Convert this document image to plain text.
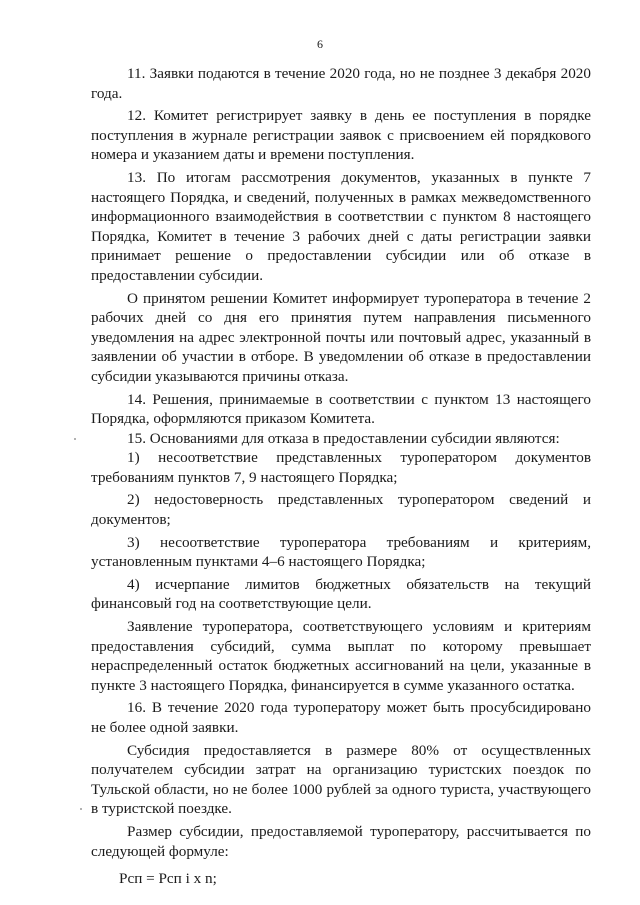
6

11. Заявки подаются в течение 2020 года, но не позднее 3 декабря 2020 года.

12. Комитет регистрирует заявку в день ее поступления в порядке поступления в журнале регистрации заявок с присвоением ей порядкового номера и указанием даты и времени поступления.

13. По итогам рассмотрения документов, указанных в пункте 7 настоящего Порядка, и сведений, полученных в рамках межведомственного информационного взаимодействия в соответствии с пунктом 8 настоящего Порядка, Комитет в течение 3 рабочих дней с даты регистрации заявки принимает решение о предоставлении субсидии или об отказе в предоставлении субсидии.

О принятом решении Комитет информирует туроператора в течение 2 рабочих дней со дня его принятия путем направления письменного уведомления на адрес электронной почты или почтовый адрес, указанный в заявлении об участии в отборе. В уведомлении об отказе в предоставлении субсидии указываются причины отказа.

14. Решения, принимаемые в соответствии с пунктом 13 настоящего Порядка, оформляются приказом Комитета.

15. Основаниями для отказа в предоставлении субсидии являются:

1) несоответствие представленных туроператором документов требованиям пунктов 7, 9 настоящего Порядка;

2) недостоверность представленных туроператором сведений и документов;

3) несоответствие туроператора требованиям и критериям, установленным пунктами 4–6 настоящего Порядка;

4) исчерпание лимитов бюджетных обязательств на текущий финансовый год на соответствующие цели.

Заявление туроператора, соответствующего условиям и критериям предоставления субсидий, сумма выплат по которому превышает нераспределенный остаток бюджетных ассигнований на цели, указанные в пункте 3 настоящего Порядка, финансируется в сумме указанного остатка.

16. В течение 2020 года туроператору может быть просубсидировано не более одной заявки.

Субсидия предоставляется в размере 80% от осуществленных получателем субсидии затрат на организацию туристских поездок по Тульской области, но не более 1000 рублей за одного туриста, участвующего в туристской поездке.

Размер субсидии, предоставляемой туроператору, рассчитывается по следующей формуле:

Рсп = Рсп i x n;
